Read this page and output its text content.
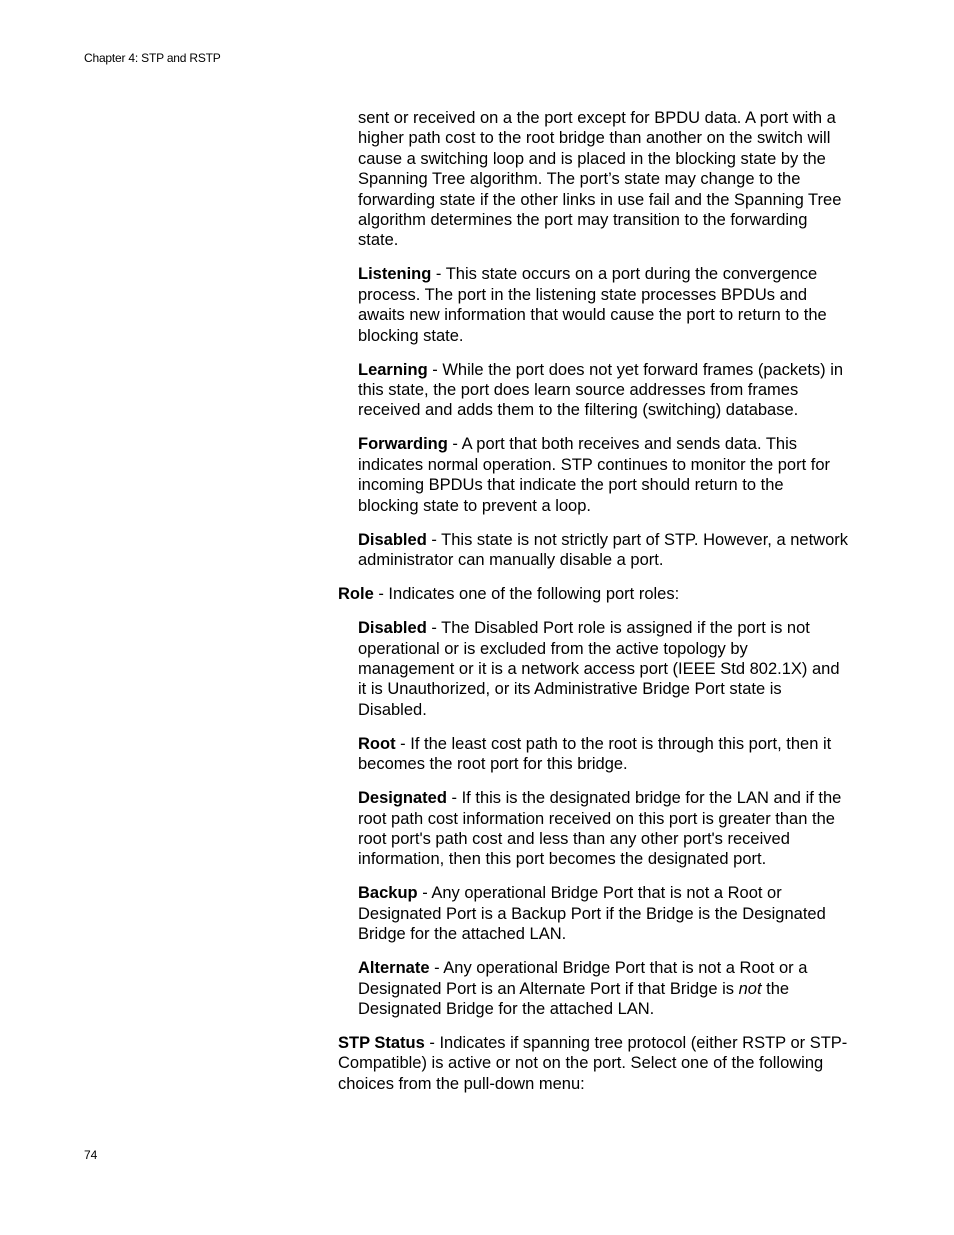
Chapter 4: STP and RSTP

sent or received on a the port except for BPDU data. A port with a higher path cost to the root bridge than another on the switch will cause a switching loop and is placed in the blocking state by the Spanning Tree algorithm. The port’s state may change to the forwarding state if the other links in use fail and the Spanning Tree algorithm determines the port may transition to the forwarding state.

Listening - This state occurs on a port during the convergence process. The port in the listening state processes BPDUs and awaits new information that would cause the port to return to the blocking state.

Learning - While the port does not yet forward frames (packets) in this state, the port does learn source addresses from frames received and adds them to the filtering (switching) database.

Forwarding - A port that both receives and sends data. This indicates normal operation. STP continues to monitor the port for incoming BPDUs that indicate the port should return to the blocking state to prevent a loop.

Disabled - This state is not strictly part of STP. However, a network administrator can manually disable a port.

Role - Indicates one of the following port roles:

Disabled - The Disabled Port role is assigned if the port is not operational or is excluded from the active topology by management or it is a network access port (IEEE Std 802.1X) and it is Unauthorized, or its Administrative Bridge Port state is Disabled.

Root - If the least cost path to the root is through this port, then it becomes the root port for this bridge.

Designated - If this is the designated bridge for the LAN and if the root path cost information received on this port is greater than the root port's path cost and less than any other port's received information, then this port becomes the designated port.

Backup - Any operational Bridge Port that is not a Root or Designated Port is a Backup Port if the Bridge is the Designated Bridge for the attached LAN.

Alternate - Any operational Bridge Port that is not a Root or a Designated Port is an Alternate Port if that Bridge is not the Designated Bridge for the attached LAN.

STP Status - Indicates if spanning tree protocol (either RSTP or STP-Compatible) is active or not on the port. Select one of the following choices from the pull-down menu:

74
